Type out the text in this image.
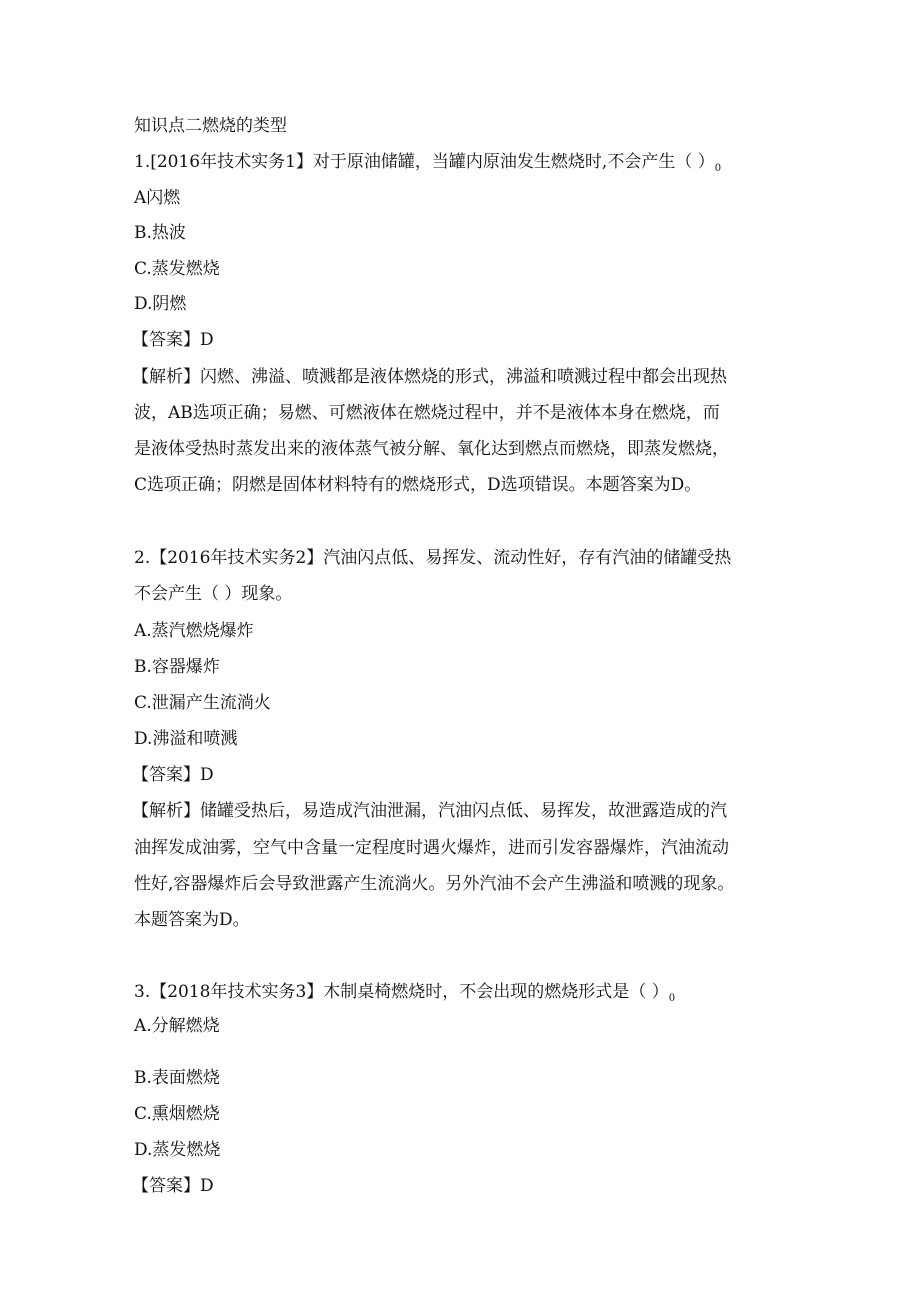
知识点二燃烧的类型
1.[2016年技术实务1】对于原油储罐，当罐内原油发生燃烧时,不会产生（ ）$_0$
A闪燃
B.热波
C.蒸发燃烧
D.阴燃
【答案】D
【解析】闪燃、沸溢、喷溅都是液体燃烧的形式，沸溢和喷溅过程中都会出现热
波，AB选项正确；易燃、可燃液体在燃烧过程中，并不是液体本身在燃烧，而
是液体受热时蒸发出来的液体蒸气被分解、氧化达到燃点而燃烧，即蒸发燃烧，
C选项正确；阴燃是固体材料特有的燃烧形式，D选项错误。本题答案为D。
2.【2016年技术实务2】汽油闪点低、易挥发、流动性好，存有汽油的储罐受热
不会产生（ ）现象。
A.蒸汽燃烧爆炸
B.容器爆炸
C.泄漏产生流淌火
D.沸溢和喷溅
【答案】D
【解析】储罐受热后，易造成汽油泄漏，汽油闪点低、易挥发，故泄露造成的汽
油挥发成油雾，空气中含量一定程度时遇火爆炸，进而引发容器爆炸，汽油流动
性好,容器爆炸后会导致泄露产生流淌火。另外汽油不会产生沸溢和喷溅的现象。
本题答案为D。
3.【2018年技术实务3】木制桌椅燃烧时，不会出现的燃烧形式是（ ）$_0$
A.分解燃烧
B.表面燃烧
C.熏烟燃烧
D.蒸发燃烧
【答案】D
